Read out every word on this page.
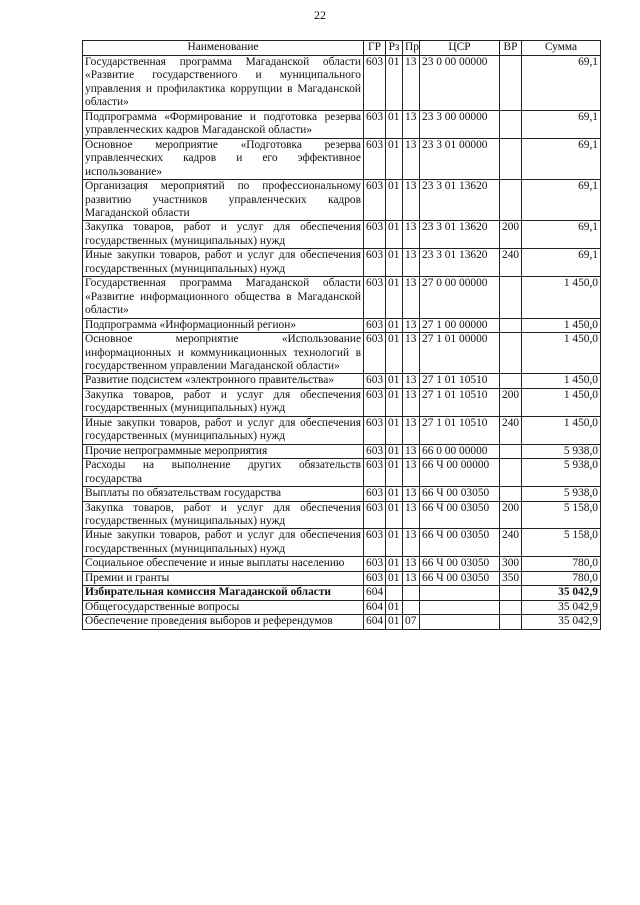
22
Наименование	ГР	Рз	Пр	ЦСР	ВР	Сумма
Государственная программа Магаданской области «Развитие государственного и муниципального управления и профилактика коррупции в Магаданской области»	603	01	13	23 0 00 00000		69,1
Подпрограмма «Формирование и подготовка резерва управленческих кадров Магаданской области»	603	01	13	23 3 00 00000		69,1
Основное мероприятие «Подготовка резерва управленческих кадров и его эффективное использование»	603	01	13	23 3 01 00000		69,1
Организация мероприятий по профессиональному развитию участников управленческих кадров Магаданской области	603	01	13	23 3 01 13620		69,1
Закупка товаров, работ и услуг для обеспечения государственных (муниципальных) нужд	603	01	13	23 3 01 13620	200	69,1
Иные закупки товаров, работ и услуг для обеспечения государственных (муниципальных) нужд	603	01	13	23 3 01 13620	240	69,1
Государственная программа Магаданской области «Развитие информационного общества в Магаданской области»	603	01	13	27 0 00 00000		1 450,0
Подпрограмма «Информационный регион»	603	01	13	27 1 00 00000		1 450,0
Основное мероприятие «Использование информационных и коммуникационных технологий в государственном управлении Магаданской области»	603	01	13	27 1 01 00000		1 450,0
Развитие подсистем «электронного правительства»	603	01	13	27 1 01 10510		1 450,0
Закупка товаров, работ и услуг для обеспечения государственных (муниципальных) нужд	603	01	13	27 1 01 10510	200	1 450,0
Иные закупки товаров, работ и услуг для обеспечения государственных (муниципальных) нужд	603	01	13	27 1 01 10510	240	1 450,0
Прочие непрограммные мероприятия	603	01	13	66 0 00 00000		5 938,0
Расходы на выполнение других обязательств государства	603	01	13	66 Ч 00 00000		5 938,0
Выплаты по обязательствам государства	603	01	13	66 Ч 00 03050		5 938,0
Закупка товаров, работ и услуг для обеспечения государственных (муниципальных) нужд	603	01	13	66 Ч 00 03050	200	5 158,0
Иные закупки товаров, работ и услуг для обеспечения государственных (муниципальных) нужд	603	01	13	66 Ч 00 03050	240	5 158,0
Социальное обеспечение и иные выплаты населению	603	01	13	66 Ч 00 03050	300	780,0
Премии и гранты	603	01	13	66 Ч 00 03050	350	780,0
Избирательная комиссия Магаданской области	604					35 042,9
Общегосударственные вопросы	604	01				35 042,9
Обеспечение проведения выборов и референдумов	604	01	07			35 042,9
